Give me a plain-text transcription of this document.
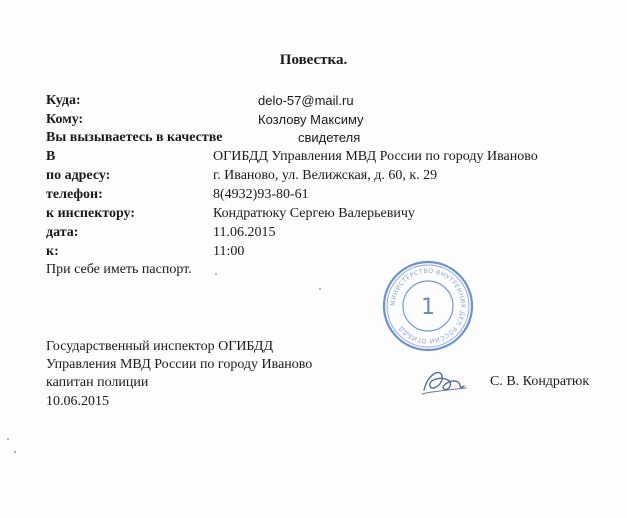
Повестка.
Куда:	delo-57@mail.ru
Кому:	Козлову Максиму
Вы вызываетесь в качестве	свидетеля
В	ОГИБДД Управления МВД России по городу Иваново
по адресу:	г. Иваново, ул. Велижская, д. 60, к. 29
телефон:	8(4932)93-80-61
к инспектору:	Кондратюку Сергею Валерьевичу
дата:	11.06.2015
к:	11:00
При себе иметь паспорт.
Государственный инспектор ОГИБДД
Управления МВД России по городу Иваново
капитан полиции
10.06.2015
С. В. Кондратюк
МИНИСТЕРСТВО ВНУТРЕННИХ ДЕЛ РОССИИ ОГИБДД
1
